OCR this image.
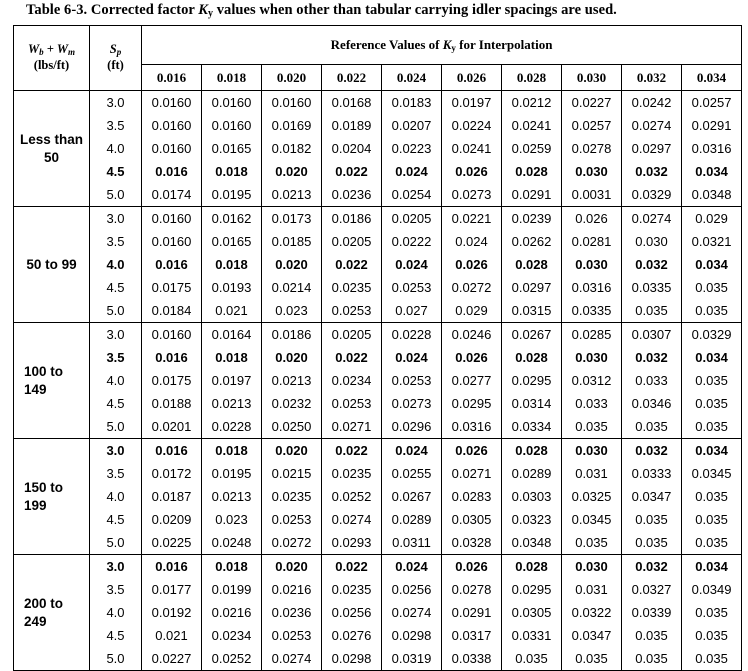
Table 6-3. Corrected factor $K_y$ values when other than tabular carrying idler spacings are used.
$W_b + W_m$
(lbs/ft)	$S_p$
(ft)	Reference Values of $K_y$ for Interpolation									
		0.016	0.018	0.020	0.022	0.024	0.026	0.028	0.030	0.032	0.034
Less than 50	3.0	0.0160	0.0160	0.0160	0.0168	0.0183	0.0197	0.0212	0.0227	0.0242	0.0257
	3.5	0.0160	0.0160	0.0169	0.0189	0.0207	0.0224	0.0241	0.0257	0.0274	0.0291
	4.0	0.0160	0.0165	0.0182	0.0204	0.0223	0.0241	0.0259	0.0278	0.0297	0.0316
	4.5	0.016	0.018	0.020	0.022	0.024	0.026	0.028	0.030	0.032	0.034
	5.0	0.0174	0.0195	0.0213	0.0236	0.0254	0.0273	0.0291	0.0031	0.0329	0.0348
50 to 99	3.0	0.0160	0.0162	0.0173	0.0186	0.0205	0.0221	0.0239	0.026	0.0274	0.029
	3.5	0.0160	0.0165	0.0185	0.0205	0.0222	0.024	0.0262	0.0281	0.030	0.0321
	4.0	0.016	0.018	0.020	0.022	0.024	0.026	0.028	0.030	0.032	0.034
	4.5	0.0175	0.0193	0.0214	0.0235	0.0253	0.0272	0.0297	0.0316	0.0335	0.035
	5.0	0.0184	0.021	0.023	0.0253	0.027	0.029	0.0315	0.0335	0.035	0.035
100 to 149	3.0	0.0160	0.0164	0.0186	0.0205	0.0228	0.0246	0.0267	0.0285	0.0307	0.0329
	3.5	0.016	0.018	0.020	0.022	0.024	0.026	0.028	0.030	0.032	0.034
	4.0	0.0175	0.0197	0.0213	0.0234	0.0253	0.0277	0.0295	0.0312	0.033	0.035
	4.5	0.0188	0.0213	0.0232	0.0253	0.0273	0.0295	0.0314	0.033	0.0346	0.035
	5.0	0.0201	0.0228	0.0250	0.0271	0.0296	0.0316	0.0334	0.035	0.035	0.035
150 to 199	3.0	0.016	0.018	0.020	0.022	0.024	0.026	0.028	0.030	0.032	0.034
	3.5	0.0172	0.0195	0.0215	0.0235	0.0255	0.0271	0.0289	0.031	0.0333	0.0345
	4.0	0.0187	0.0213	0.0235	0.0252	0.0267	0.0283	0.0303	0.0325	0.0347	0.035
	4.5	0.0209	0.023	0.0253	0.0274	0.0289	0.0305	0.0323	0.0345	0.035	0.035
	5.0	0.0225	0.0248	0.0272	0.0293	0.0311	0.0328	0.0348	0.035	0.035	0.035
200 to 249	3.0	0.016	0.018	0.020	0.022	0.024	0.026	0.028	0.030	0.032	0.034
	3.5	0.0177	0.0199	0.0216	0.0235	0.0256	0.0278	0.0295	0.031	0.0327	0.0349
	4.0	0.0192	0.0216	0.0236	0.0256	0.0274	0.0291	0.0305	0.0322	0.0339	0.035
	4.5	0.021	0.0234	0.0253	0.0276	0.0298	0.0317	0.0331	0.0347	0.035	0.035
	5.0	0.0227	0.0252	0.0274	0.0298	0.0319	0.0338	0.035	0.035	0.035	0.035
